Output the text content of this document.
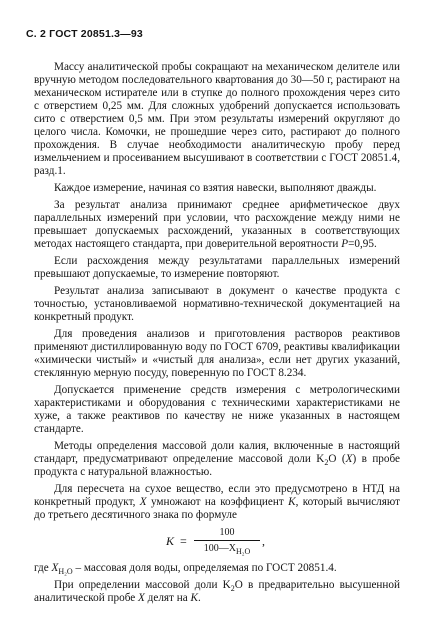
С. 2 ГОСТ 20851.3—93

Массу аналитической пробы сокращают на механическом делителе или вручную методом последовательного квартования до 30—50 г, растирают на механическом истирателе или в ступке до полного прохождения через сито с отверстием 0,25 мм. Для сложных удобрений допускается использовать сито с отверстием 0,5 мм. При этом результаты измерений округляют до целого числа. Комочки, не прошедшие через сито, растирают до полного прохождения. В случае необходимости аналитическую пробу перед измельчением и просеиванием высушивают в соответствии с ГОСТ 20851.4, разд.1.

Каждое измерение, начиная со взятия навески, выполняют дважды.

За результат анализа принимают среднее арифметическое двух параллельных измерений при условии, что расхождение между ними не превышает допускаемых расхождений, указанных в соответствующих методах настоящего стандарта, при доверительной вероятности P=0,95.

Если расхождения между результатами параллельных измерений превышают допускаемые, то измерение повторяют.

Результат анализа записывают в документ о качестве продукта с точностью, установливаемой нормативно-технической документацией на конкретный продукт.

Для проведения анализов и приготовления растворов реактивов применяют дистиллированную воду по ГОСТ 6709, реактивы квалификации «химически чистый» и «чистый для анализа», если нет других указаний, стеклянную мерную посуду, поверенную по ГОСТ 8.234.

Допускается применение средств измерения с метрологическими характеристиками и оборудования с техническими характеристиками не хуже, а также реактивов по качеству не ниже указанных в настоящем стандарте.

Методы определения массовой доли калия, включенные в настоящий стандарт, предусматривают определение массовой доли $K_2O$ (X) в пробе продукта с натуральной влажностью.

Для пересчета на сухое вещество, если это предусмотрено в НТД на конкретный продукт, X умножают на коэффициент K, который вычисляют до третьего десятичного знака по формуле

K =
100
$100—X_{H_2O}$
,

где $X_{H_2O}$ – массовая доля воды, определяемая по ГОСТ 20851.4.

При определении массовой доли $K_2O$ в предварительно высушенной аналитической пробе X делят на K.
